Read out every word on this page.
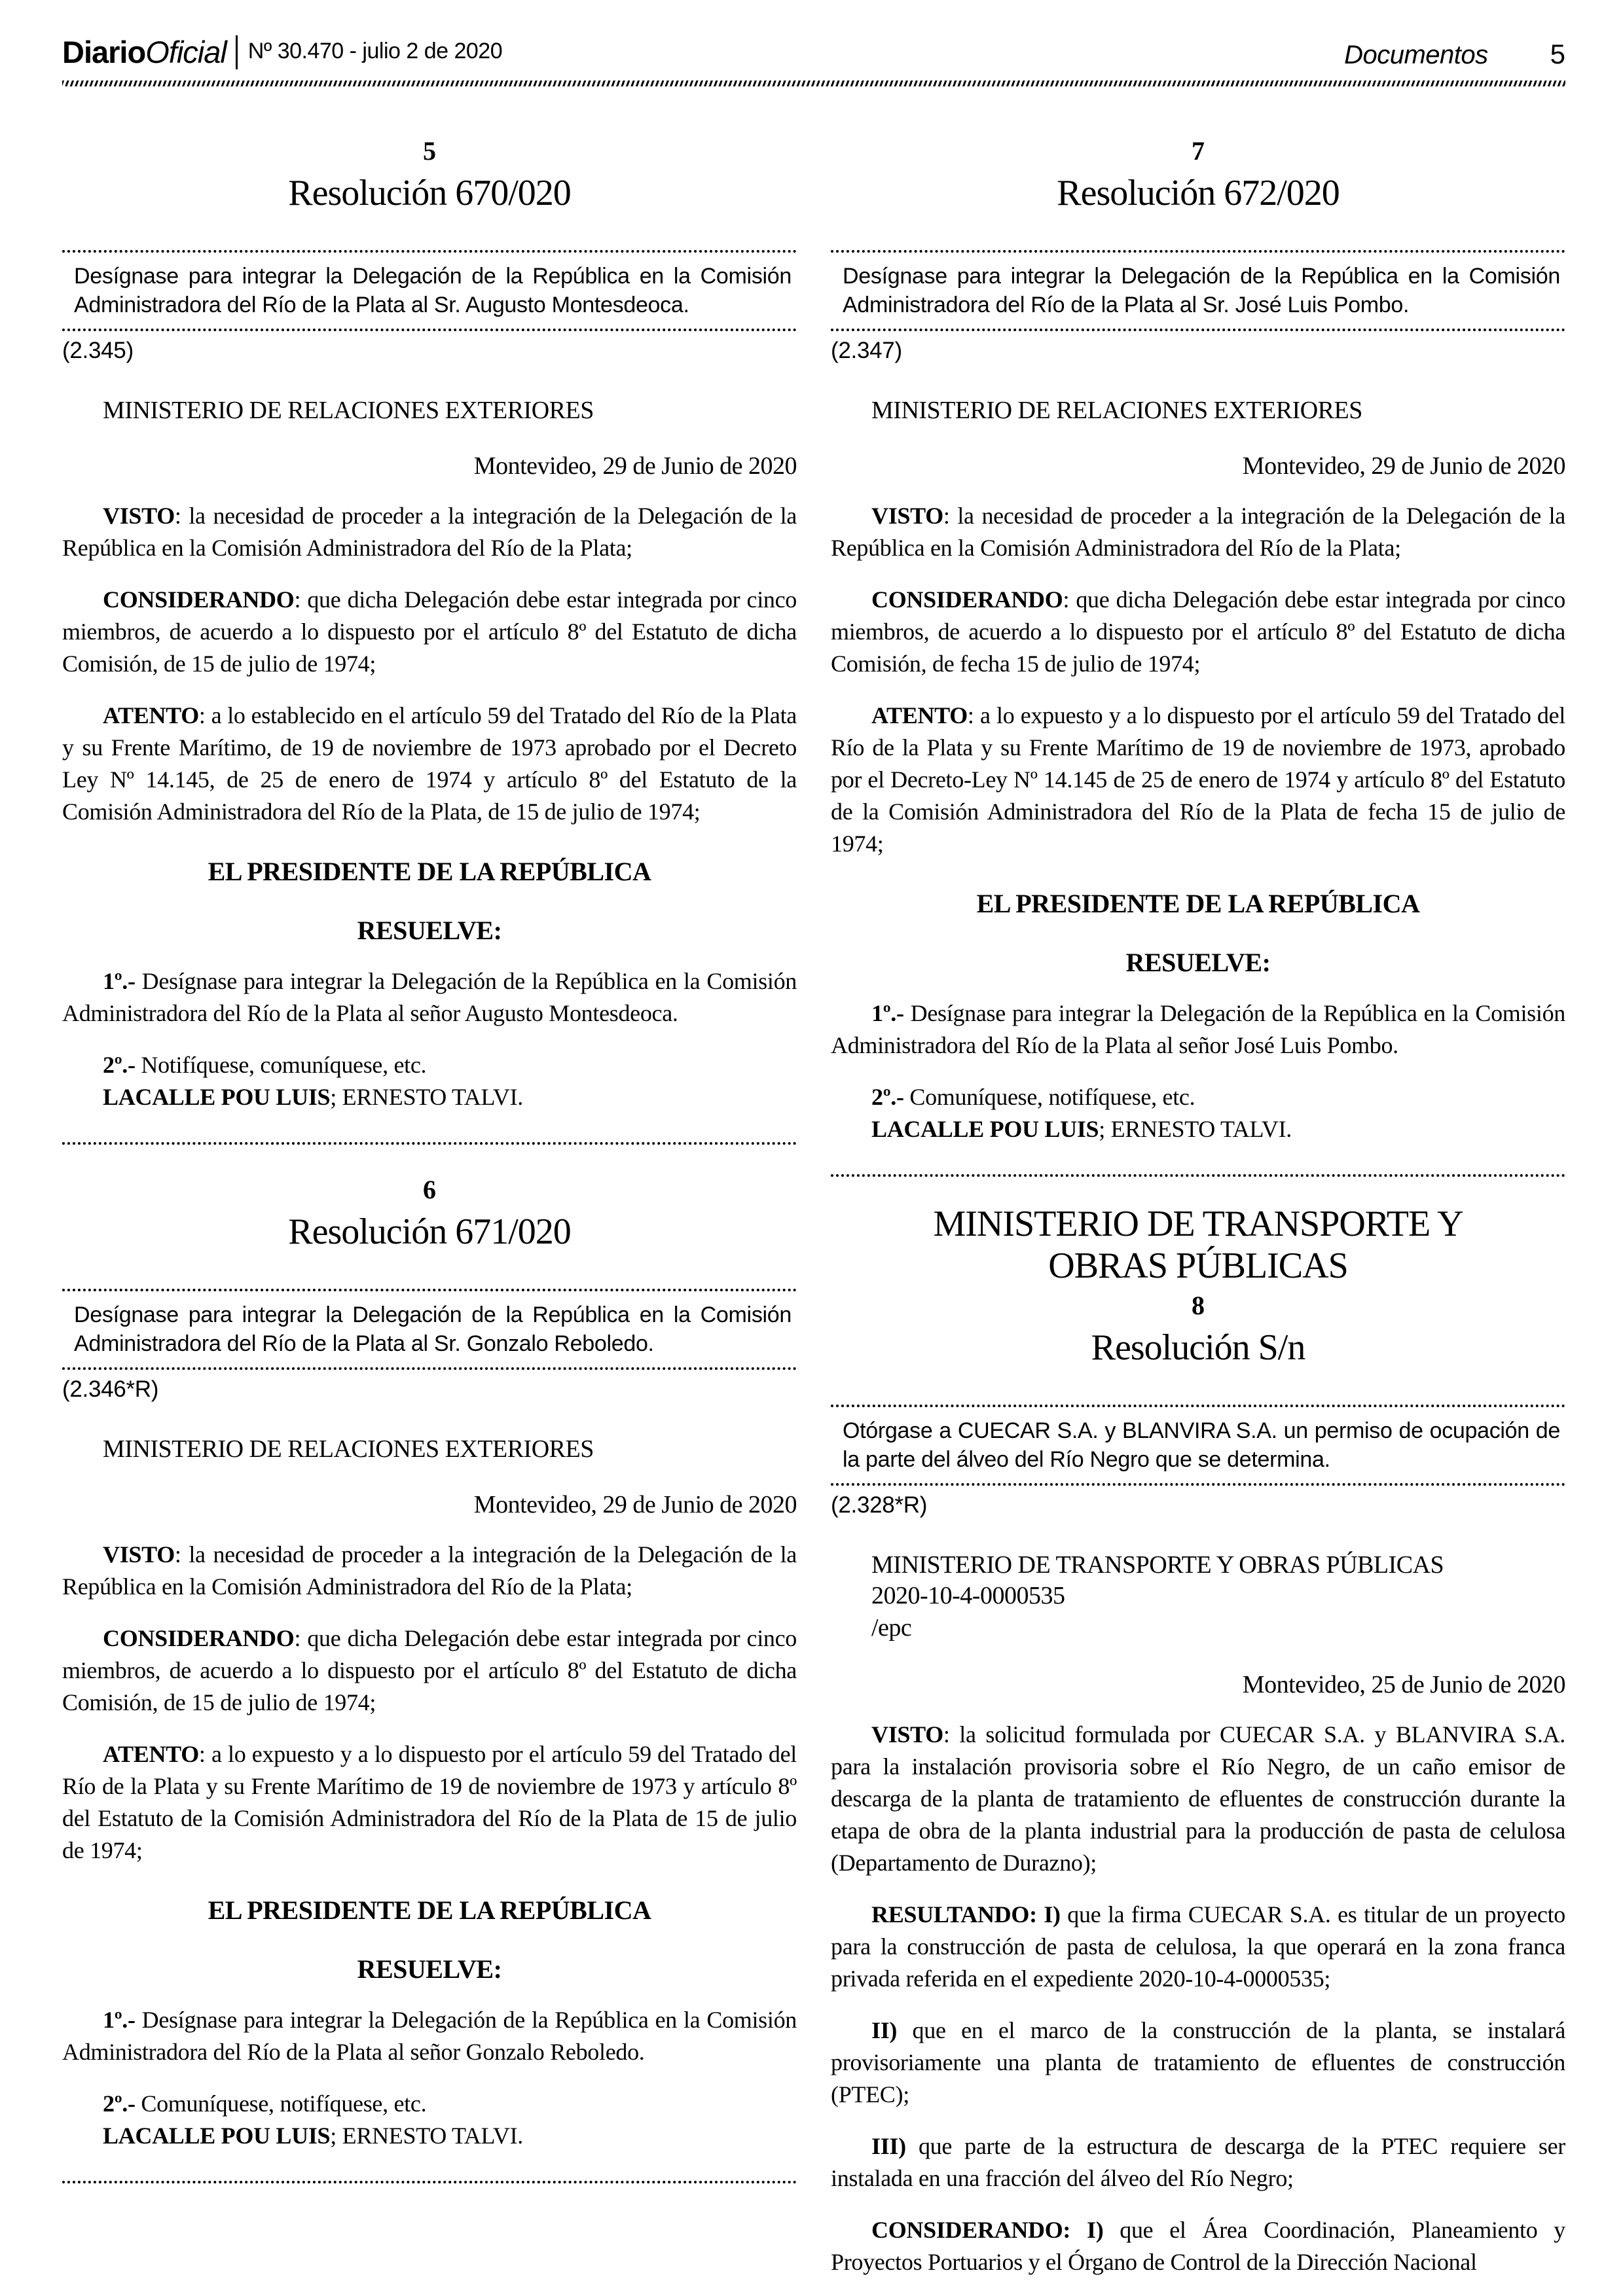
DiarioOficial Nº 30.470 - julio 2 de 2020	Documentos 5
5
Resolución 670/020
Desígnase para integrar la Delegación de la República en la Comisión Administradora del Río de la Plata al Sr. Augusto Montesdeoca.
(2.345)
MINISTERIO DE RELACIONES EXTERIORES
Montevideo, 29 de Junio de 2020

VISTO: la necesidad de proceder a la integración de la Delegación de la República en la Comisión Administradora del Río de la Plata;

CONSIDERANDO: que dicha Delegación debe estar integrada por cinco miembros, de acuerdo a lo dispuesto por el artículo 8º del Estatuto de dicha Comisión, de 15 de julio de 1974;

ATENTO: a lo establecido en el artículo 59 del Tratado del Río de la Plata y su Frente Marítimo, de 19 de noviembre de 1973 aprobado por el Decreto Ley Nº 14.145, de 25 de enero de 1974 y artículo 8º del Estatuto de la Comisión Administradora del Río de la Plata, de 15 de julio de 1974;

EL PRESIDENTE DE LA REPÚBLICA
RESUELVE:

1º.- Desígnase para integrar la Delegación de la República en la Comisión Administradora del Río de la Plata al señor Augusto Montesdeoca.

2º.- Notifíquese, comuníquese, etc.

LACALLE POU LUIS; ERNESTO TALVI.

6
Resolución 671/020
Desígnase para integrar la Delegación de la República en la Comisión Administradora del Río de la Plata al Sr. Gonzalo Reboledo.
(2.346*R)
MINISTERIO DE RELACIONES EXTERIORES
Montevideo, 29 de Junio de 2020

VISTO: la necesidad de proceder a la integración de la Delegación de la República en la Comisión Administradora del Río de la Plata;

CONSIDERANDO: que dicha Delegación debe estar integrada por cinco miembros, de acuerdo a lo dispuesto por el artículo 8º del Estatuto de dicha Comisión, de 15 de julio de 1974;

ATENTO: a lo expuesto y a lo dispuesto por el artículo 59 del Tratado del Río de la Plata y su Frente Marítimo de 19 de noviembre de 1973 y artículo 8º del Estatuto de la Comisión Administradora del Río de la Plata de 15 de julio de 1974;

EL PRESIDENTE DE LA REPÚBLICA
RESUELVE:

1º.- Desígnase para integrar la Delegación de la República en la Comisión Administradora del Río de la Plata al señor Gonzalo Reboledo.

2º.- Comuníquese, notifíquese, etc.

LACALLE POU LUIS; ERNESTO TALVI.

7
Resolución 672/020
Desígnase para integrar la Delegación de la República en la Comisión Administradora del Río de la Plata al Sr. José Luis Pombo.
(2.347)
MINISTERIO DE RELACIONES EXTERIORES
Montevideo, 29 de Junio de 2020

VISTO: la necesidad de proceder a la integración de la Delegación de la República en la Comisión Administradora del Río de la Plata;

CONSIDERANDO: que dicha Delegación debe estar integrada por cinco miembros, de acuerdo a lo dispuesto por el artículo 8º del Estatuto de dicha Comisión, de fecha 15 de julio de 1974;

ATENTO: a lo expuesto y a lo dispuesto por el artículo 59 del Tratado del Río de la Plata y su Frente Marítimo de 19 de noviembre de 1973, aprobado por el Decreto-Ley Nº 14.145 de 25 de enero de 1974 y artículo 8º del Estatuto de la Comisión Administradora del Río de la Plata de fecha 15 de julio de 1974;

EL PRESIDENTE DE LA REPÚBLICA
RESUELVE:

1º.- Desígnase para integrar la Delegación de la República en la Comisión Administradora del Río de la Plata al señor José Luis Pombo.

2º.- Comuníquese, notifíquese, etc.

LACALLE POU LUIS; ERNESTO TALVI.

MINISTERIO DE TRANSPORTE Y OBRAS PÚBLICAS
8
Resolución S/n
Otórgase a CUECAR S.A. y BLANVIRA S.A. un permiso de ocupación de la parte del álveo del Río Negro que se determina.
(2.328*R)
MINISTERIO DE TRANSPORTE Y OBRAS PÚBLICAS
2020-10-4-0000535
/epc
Montevideo, 25 de Junio de 2020

VISTO: la solicitud formulada por CUECAR S.A. y BLANVIRA S.A. para la instalación provisoria sobre el Río Negro, de un caño emisor de descarga de la planta de tratamiento de efluentes de construcción durante la etapa de obra de la planta industrial para la producción de pasta de celulosa (Departamento de Durazno);

RESULTANDO: I) que la firma CUECAR S.A. es titular de un proyecto para la construcción de pasta de celulosa, la que operará en la zona franca privada referida en el expediente 2020-10-4-0000535;

II) que en el marco de la construcción de la planta, se instalará provisoriamente una planta de tratamiento de efluentes de construcción (PTEC);

III) que parte de la estructura de descarga de la PTEC requiere ser instalada en una fracción del álveo del Río Negro;

CONSIDERANDO: I) que el Área Coordinación, Planeamiento y Proyectos Portuarios y el Órgano de Control de la Dirección Nacional
